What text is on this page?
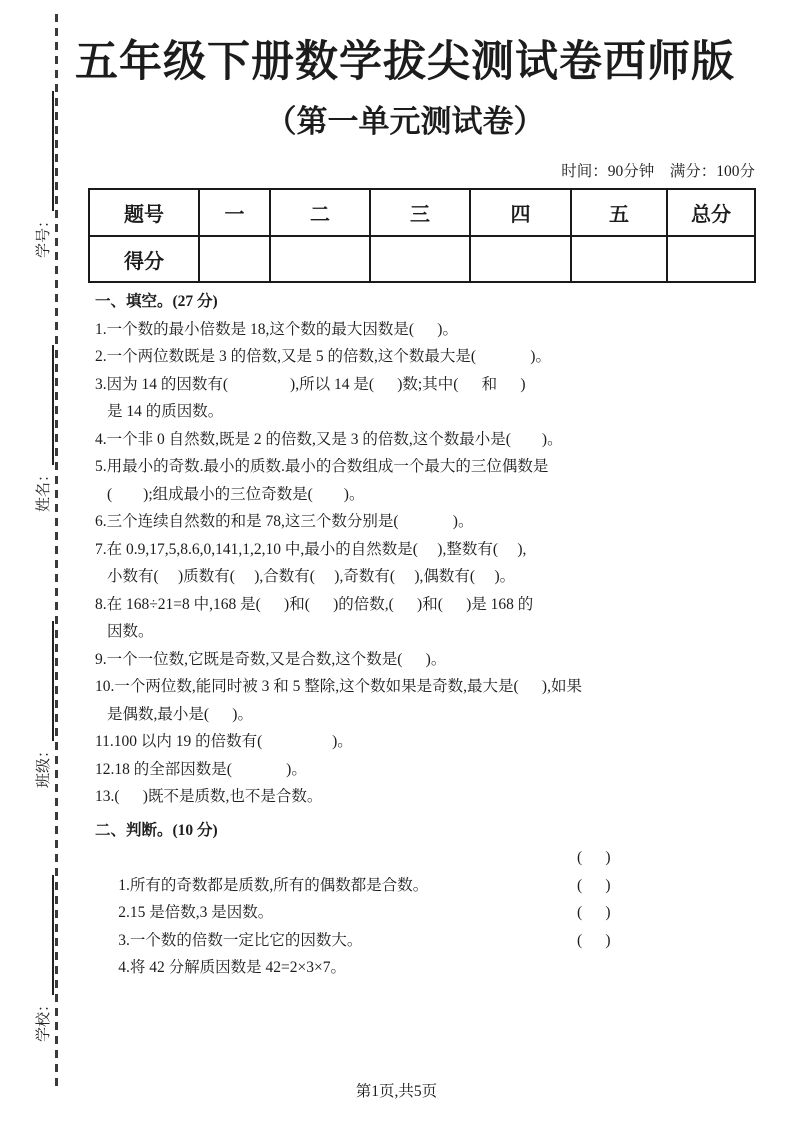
学号：
姓名：
班级：
学校：
五年级下册数学拔尖测试卷西师版
（第一单元测试卷）
时间：90分钟　满分：100分
题号	一	二	三	四	五	总分
得分						
一、填空。(27 分)
1.一个数的最小倍数是 18,这个数的最大因数是(      )。
2.一个两位数既是 3 的倍数,又是 5 的倍数,这个数最大是(              )。
3.因为 14 的因数有(                ),所以 14 是(      )数;其中(      和      )
是 14 的质因数。
4.一个非 0 自然数,既是 2 的倍数,又是 3 的倍数,这个数最小是(        )。
5.用最小的奇数.最小的质数.最小的合数组成一个最大的三位偶数是
(        );组成最小的三位奇数是(        )。
6.三个连续自然数的和是 78,这三个数分别是(              )。
7.在 0.9,17,5,8.6,0,141,1,2,10 中,最小的自然数是(     ),整数有(     ),
小数有(     )质数有(     ),合数有(     ),奇数有(     ),偶数有(     )。
8.在 168÷21=8 中,168 是(      )和(      )的倍数,(      )和(      )是 168 的
因数。
9.一个一位数,它既是奇数,又是合数,这个数是(      )。
10.一个两位数,能同时被 3 和 5 整除,这个数如果是奇数,最大是(      ),如果
是偶数,最小是(      )。
11.100 以内 19 的倍数有(                  )。
12.18 的全部因数是(              )。
13.(      )既不是质数,也不是合数。
二、判断。(10 分)

1.所有的奇数都是质数,所有的偶数都是合数。

(      )

2.15 是倍数,3 是因数。

(      )

3.一个数的倍数一定比它的因数大。

(      )

4.将 42 分解质因数是 42=2×3×7。

(      )

第1页,共5页
